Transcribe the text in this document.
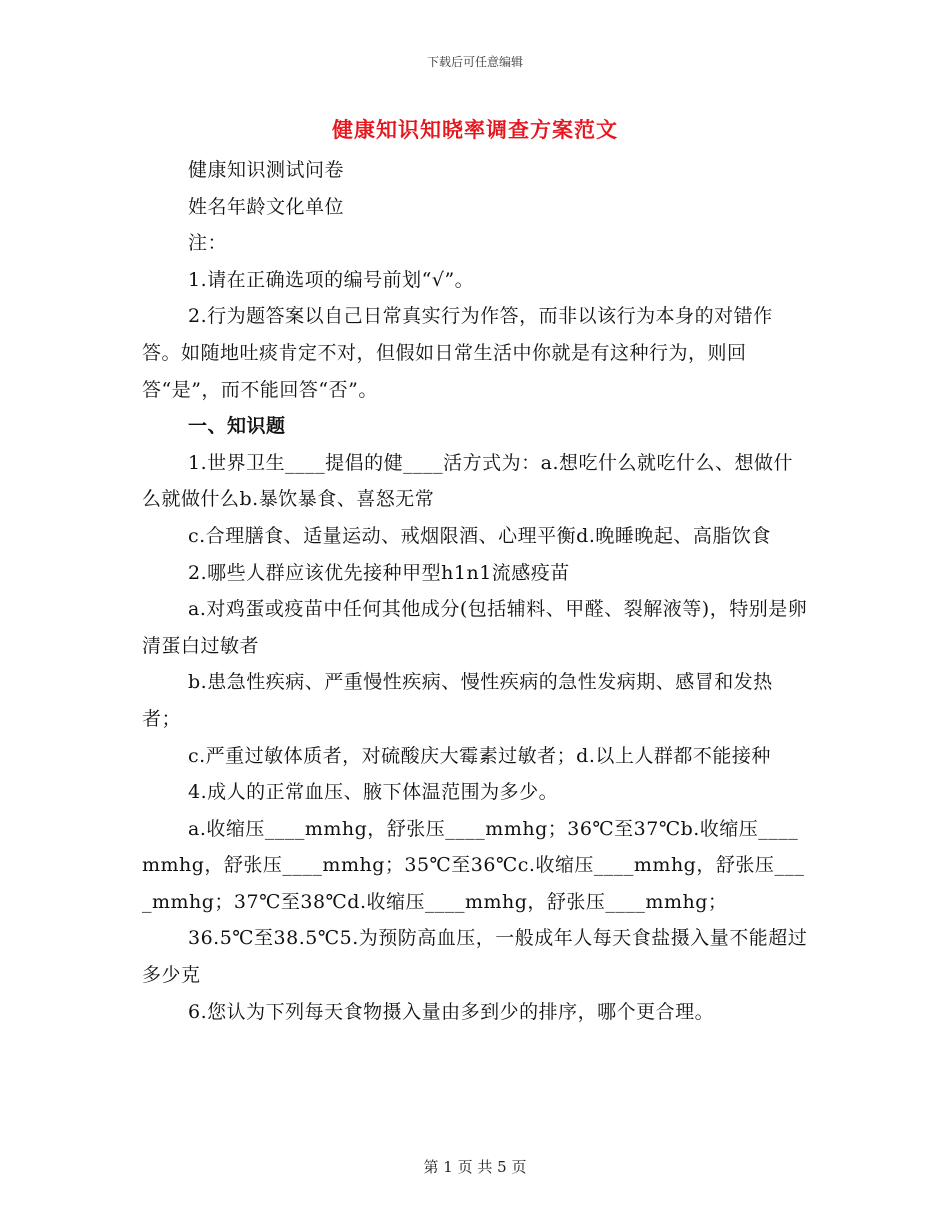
下载后可任意编辑
健康知识知晓率调查方案范文

健康知识测试问卷

姓名年龄文化单位

注：

1.请在正确选项的编号前划“√”。

2.行为题答案以自己日常真实行为作答，而非以该行为本身的对错作答。如随地吐痰肯定不对，但假如日常生活中你就是有这种行为，则回答“是”，而不能回答“否”。

一、知识题

1.世界卫生____提倡的健____活方式为：a.想吃什么就吃什么、想做什么就做什么b.暴饮暴食、喜怒无常

c.合理膳食、适量运动、戒烟限酒、心理平衡d.晚睡晚起、高脂饮食

2.哪些人群应该优先接种甲型h1n1流感疫苗

a.对鸡蛋或疫苗中任何其他成分(包括辅料、甲醛、裂解液等)，特别是卵清蛋白过敏者

b.患急性疾病、严重慢性疾病、慢性疾病的急性发病期、感冒和发热者；

c.严重过敏体质者，对硫酸庆大霉素过敏者；d.以上人群都不能接种

4.成人的正常血压、腋下体温范围为多少。

a.收缩压____mmhg，舒张压____mmhg；36℃至37℃b.收缩压____mmhg，舒张压____mmhg；35℃至36℃c.收缩压____mmhg，舒张压____mmhg；37℃至38℃d.收缩压____mmhg，舒张压____mmhg；

36.5℃至38.5℃5.为预防高血压，一般成年人每天食盐摄入量不能超过多少克

6.您认为下列每天食物摄入量由多到少的排序，哪个更合理。

第 1 页 共 5 页
